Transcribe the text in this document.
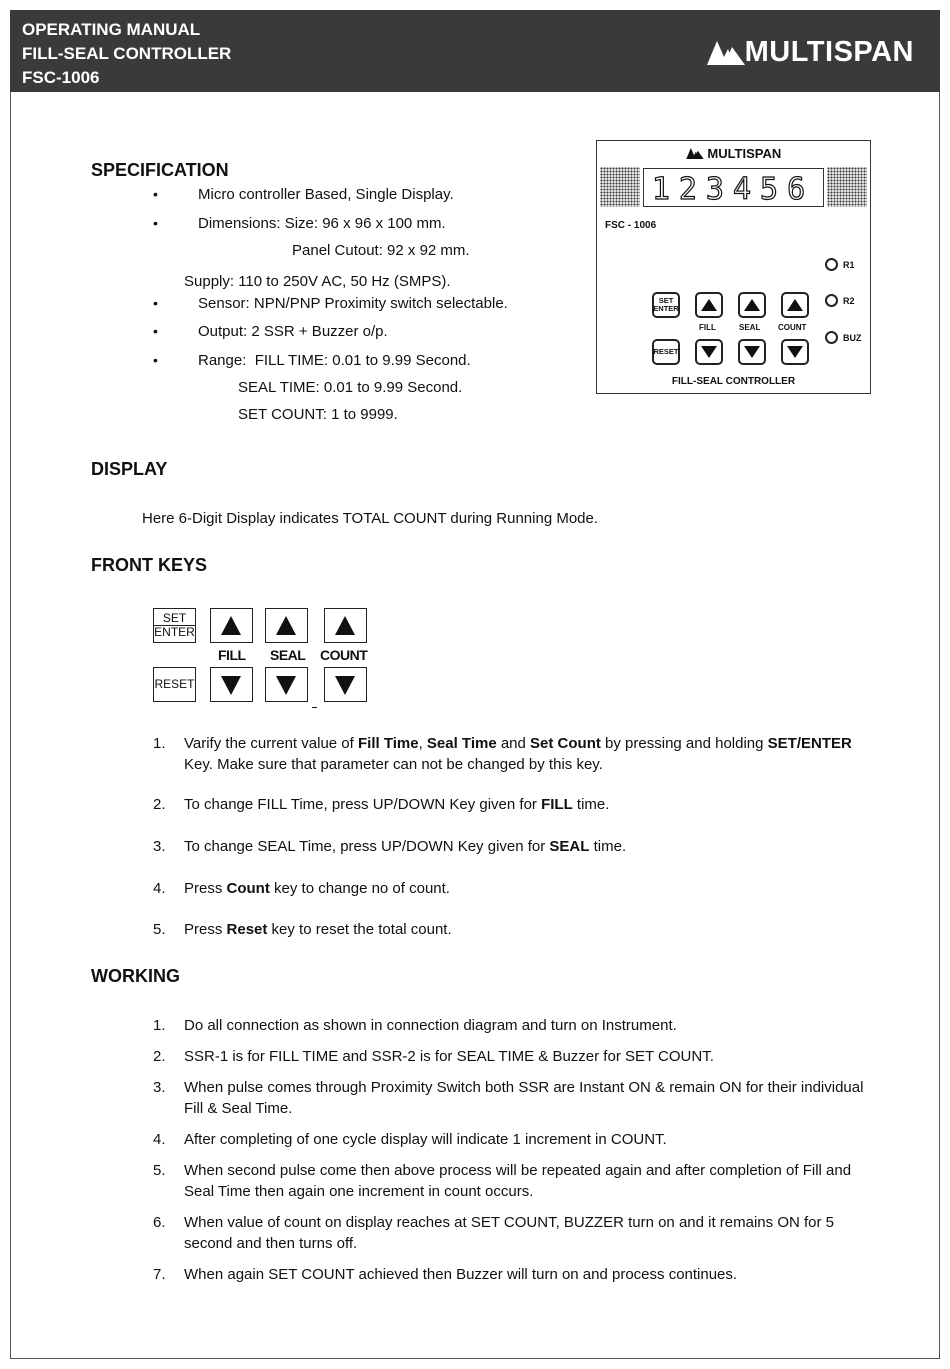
OPERATING MANUAL
FILL-SEAL CONTROLLER
FSC-1006
MULTISPAN
SPECIFICATION
•	Micro controller Based, Single Display.
•	Dimensions: Size: 96 x 96 x 100 mm.
Panel Cutout: 92 x 92 mm.
Supply: 110 to 250V AC, 50 Hz (SMPS).
•	Sensor: NPN/PNP Proximity switch selectable.
•	Output: 2 SSR + Buzzer o/p.
•	Range:  FILL TIME: 0.01 to 9.99 Second.
SEAL TIME: 0.01 to 9.99 Second.
SET COUNT: 1 to 9999.
MULTISPAN
123456
FSC - 1006
R1
R2
BUZ
SET
ENTER
FILL	SEAL COUNT
RESET
FILL-SEAL CONTROLLER
DISPLAY
Here 6-Digit Display indicates TOTAL COUNT during Running Mode.
FRONT KEYS
SET
ENTER
FILL SEAL COUNT
RESET
1. Varify the current value of Fill Time, Seal Time and Set Count by pressing and holding SET/ENTER Key. Make sure that parameter can not be changed by this key.
2. To change FILL Time, press UP/DOWN Key given for FILL time.
3. To change SEAL Time, press UP/DOWN Key given for SEAL time.
4. Press Count key to change no of count.
5. Press Reset key to reset the total count.
WORKING
1. Do all connection as shown in connection diagram and turn on Instrument.
2. SSR-1 is for FILL TIME and SSR-2 is for SEAL TIME & Buzzer for SET COUNT.
3. When pulse comes through Proximity Switch both SSR are Instant ON & remain ON for their individual Fill & Seal Time.
4. After completing of one cycle display will indicate 1 increment in COUNT.
5. When second pulse come then above process will be repeated again and after completion of Fill and Seal Time then again one increment in count occurs.
6. When value of count on display reaches at SET COUNT, BUZZER turn on and it remains ON for 5 second and then turns off.
7. When again SET COUNT achieved then Buzzer will turn on and process continues.
